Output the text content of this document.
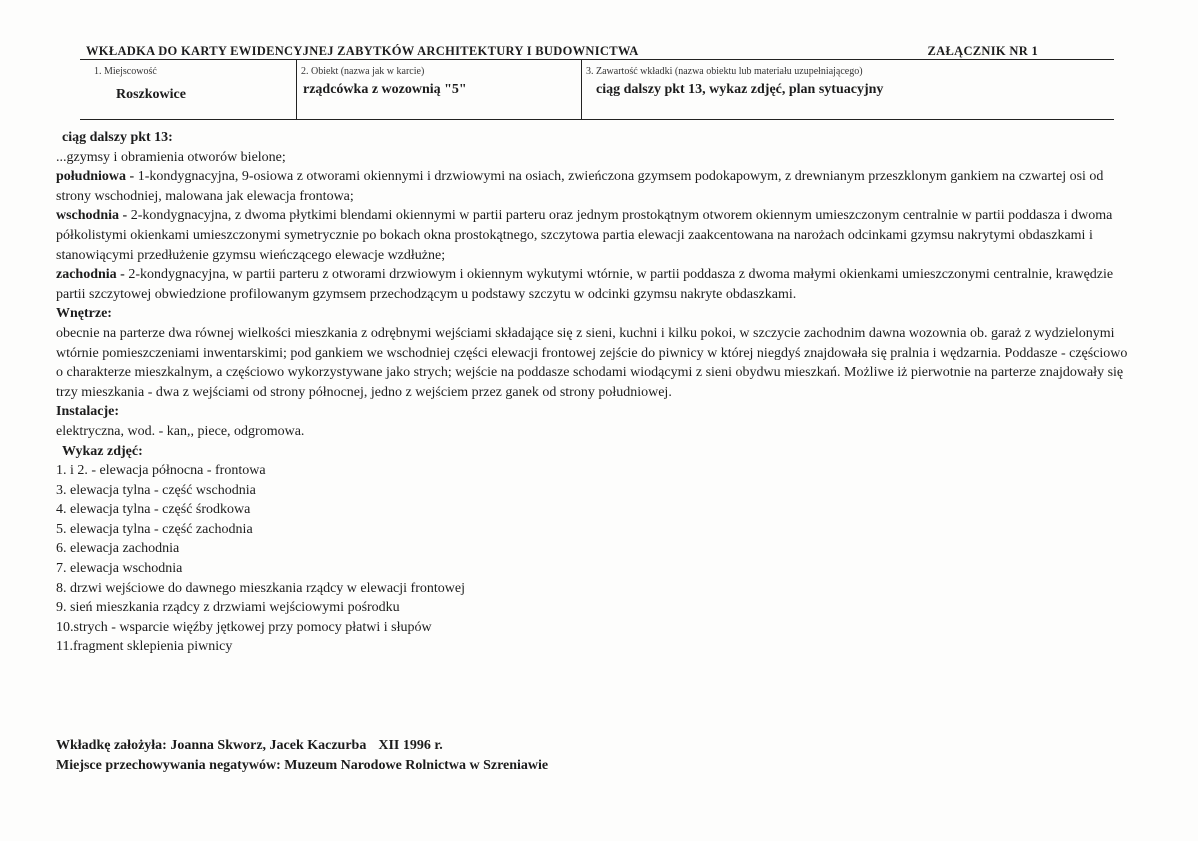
WKŁADKA DO KARTY EWIDENCYJNEJ ZABYTKÓW ARCHITEKTURY I BUDOWNICTWA	ZAŁĄCZNIK NR 1
1. Miejscowość
Roszkowice
2. Obiekt (nazwa jak w karcie)
rządcówka z wozownią "5"
3. Zawartość wkładki (nazwa obiektu lub materiału uzupełniającego)
ciąg dalszy pkt 13, wykaz zdjęć, plan sytuacyjny

ciąg dalszy pkt 13:

...gzymsy i obramienia otworów bielone;

południowa - 1-kondygnacyjna, 9-osiowa z otworami okiennymi i drzwiowymi na osiach, zwieńczona gzymsem podokapowym, z drewnianym przeszklonym gankiem na czwartej osi od strony wschodniej, malowana jak elewacja frontowa;

wschodnia - 2-kondygnacyjna, z dwoma płytkimi blendami okiennymi w partii parteru oraz jednym prostokątnym otworem okiennym umieszczonym centralnie w partii poddasza i dwoma półkolistymi okienkami umieszczonymi symetrycznie po bokach okna prostokątnego, szczytowa partia elewacji zaakcentowana na narożach odcinkami gzymsu nakrytymi obdaszkami i stanowiącymi przedłużenie gzymsu wieńczącego elewacje wzdłużne;

zachodnia - 2-kondygnacyjna, w partii parteru z otworami drzwiowym i okiennym wykutymi wtórnie, w partii poddasza z dwoma małymi okienkami umieszczonymi centralnie, krawędzie partii szczytowej obwiedzione profilowanym gzymsem przechodzącym u podstawy szczytu w odcinki gzymsu nakryte obdaszkami.

Wnętrze:

obecnie na parterze dwa równej wielkości mieszkania z odrębnymi wejściami składające się z sieni, kuchni i kilku pokoi, w szczycie zachodnim dawna wozownia ob. garaż z wydzielonymi wtórnie pomieszczeniami inwentarskimi; pod gankiem we wschodniej części elewacji frontowej zejście do piwnicy w której niegdyś znajdowała się pralnia i wędzarnia. Poddasze - częściowo o charakterze mieszkalnym, a częściowo wykorzystywane jako strych; wejście na poddasze schodami wiodącymi z sieni obydwu mieszkań. Możliwe iż pierwotnie na parterze znajdowały się trzy mieszkania - dwa z wejściami od strony północnej, jedno z wejściem przez ganek od strony południowej.

Instalacje:

elektryczna, wod. - kan,, piece, odgromowa.

Wykaz zdjęć:

1. i 2. - elewacja północna - frontowa
3. elewacja tylna - część wschodnia
4. elewacja tylna - część środkowa
5. elewacja tylna - część zachodnia
6. elewacja zachodnia
7. elewacja wschodnia
8. drzwi wejściowe do dawnego mieszkania rządcy w elewacji frontowej
9. sień mieszkania rządcy z drzwiami wejściowymi pośrodku
10.strych - wsparcie więźby jętkowej przy pomocy płatwi i słupów
11.fragment sklepienia piwnicy
Wkładkę założyła: Joanna Skworz, Jacek Kaczurba XII 1996 r.
Miejsce przechowywania negatywów: Muzeum Narodowe Rolnictwa w Szreniawie
